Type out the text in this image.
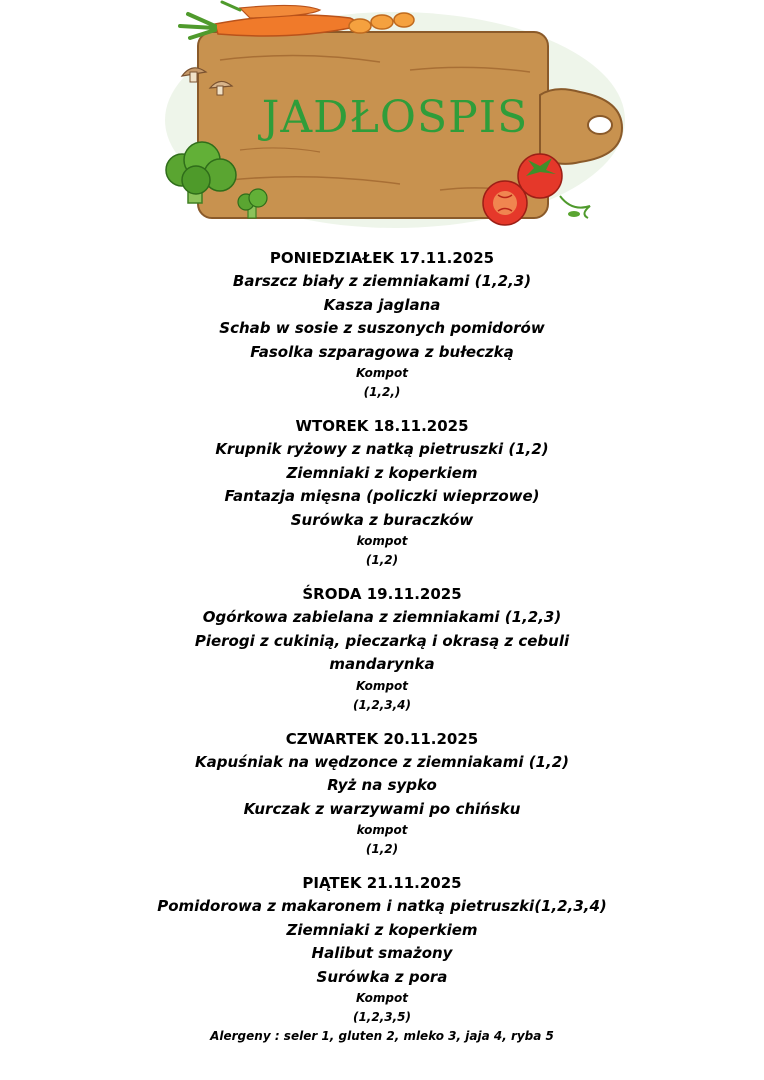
JADŁOSPIS
PONIEDZIAŁEK 17.11.2025
Barszcz biały z ziemniakami (1,2,3)
Kasza jaglana
Schab w sosie z suszonych pomidorów
Fasolka szparagowa z bułeczką
Kompot
(1,2,)
WTOREK 18.11.2025
Krupnik ryżowy z natką pietruszki (1,2)
Ziemniaki z koperkiem
Fantazja mięsna (policzki wieprzowe)
Surówka z buraczków
kompot
(1,2)
ŚRODA 19.11.2025
Ogórkowa zabielana z ziemniakami (1,2,3)
Pierogi z cukinią, pieczarką i okrasą z cebuli
mandarynka
Kompot
(1,2,3,4)
CZWARTEK 20.11.2025
Kapuśniak na wędzonce z ziemniakami (1,2)
Ryż na sypko
Kurczak z warzywami po chińsku
kompot
(1,2)
PIĄTEK 21.11.2025
Pomidorowa z makaronem i natką pietruszki(1,2,3,4)
Ziemniaki z koperkiem
Halibut smażony
Surówka z pora
Kompot
(1,2,3,5)
Alergeny : seler 1, gluten 2, mleko 3, jaja 4, ryba 5
